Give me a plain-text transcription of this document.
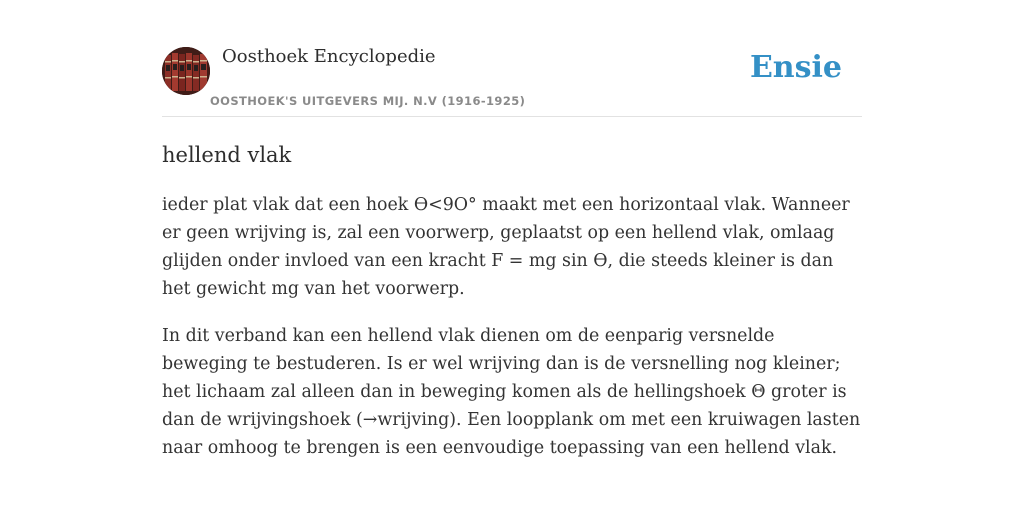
Oosthoek Encyclopedie
OOSTHOEK'S UITGEVERS MIJ. N.V (1916-1925)
Ensie
hellend vlak

ieder plat vlak dat een hoek ϴ<9O° maakt met een horizontaal vlak. Wanneer er geen wrijving is, zal een voorwerp, geplaatst op een hellend vlak, omlaag glijden onder invloed van een kracht F = mg sin ϴ, die steeds kleiner is dan het gewicht mg van het voorwerp.

In dit verband kan een hellend vlak dienen om de eenparig versnelde beweging te bestuderen. Is er wel wrijving dan is de versnelling nog kleiner; het lichaam zal alleen dan in beweging komen als de hellingshoek Θ groter is dan de wrijvingshoek (→wrijving). Een loopplank om met een kruiwagen lasten naar omhoog te brengen is een eenvoudige toepassing van een hellend vlak.
